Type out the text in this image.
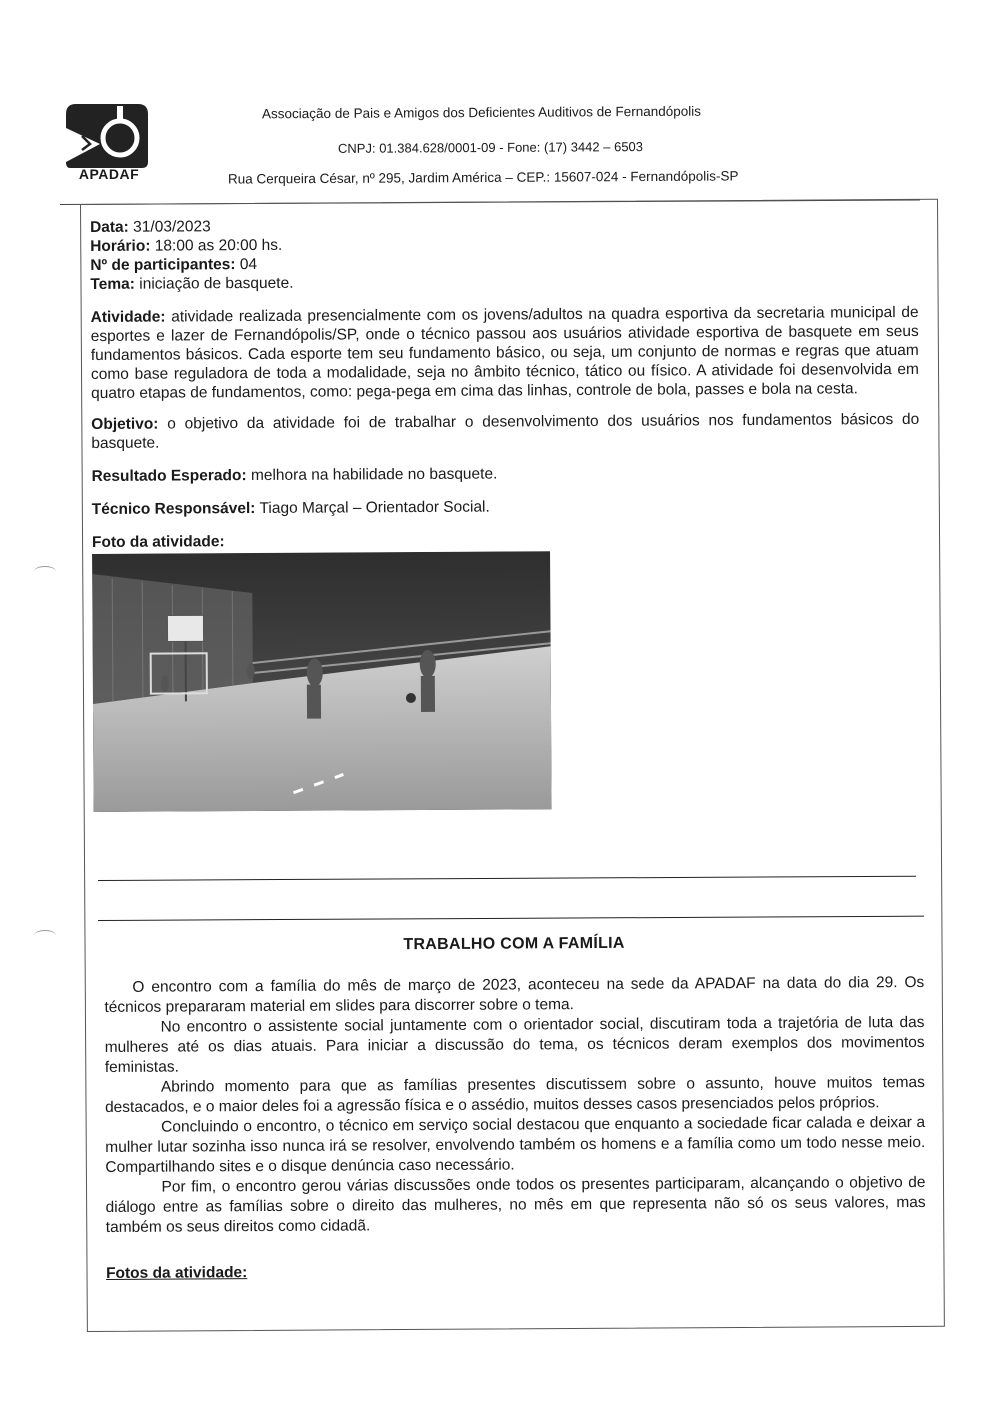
APADAF
Associação de Pais e Amigos dos Deficientes Auditivos de Fernandópolis
CNPJ: 01.384.628/0001-09 - Fone: (17) 3442 – 6503
Rua Cerqueira César, nº 295, Jardim América – CEP.: 15607-024 - Fernandópolis-SP

Data: 31/03/2023

Horário: 18:00 as 20:00 hs.

Nº de participantes: 04

Tema: iniciação de basquete.

Atividade: atividade realizada presencialmente com os jovens/adultos na quadra esportiva da secretaria municipal de esportes e lazer de Fernandópolis/SP, onde o técnico passou aos usuários atividade esportiva de basquete em seus fundamentos básicos. Cada esporte tem seu fundamento básico, ou seja, um conjunto de normas e regras que atuam como base reguladora de toda a modalidade, seja no âmbito técnico, tático ou físico. A atividade foi desenvolvida em quatro etapas de fundamentos, como: pega-pega em cima das linhas, controle de bola, passes e bola na cesta.

Objetivo: o objetivo da atividade foi de trabalhar o desenvolvimento dos usuários nos fundamentos básicos do basquete.

Resultado Esperado: melhora na habilidade no basquete.

Técnico Responsável: Tiago Marçal – Orientador Social.

Foto da atividade:

TRABALHO COM A FAMÍLIA

O encontro com a família do mês de março de 2023, aconteceu na sede da APADAF na data do dia 29. Os técnicos prepararam material em slides para discorrer sobre o tema.

No encontro o assistente social juntamente com o orientador social, discutiram toda a trajetória de luta das mulheres até os dias atuais. Para iniciar a discussão do tema, os técnicos deram exemplos dos movimentos feministas.

Abrindo momento para que as famílias presentes discutissem sobre o assunto, houve muitos temas destacados, e o maior deles foi a agressão física e o assédio, muitos desses casos presenciados pelos próprios.

Concluindo o encontro, o técnico em serviço social destacou que enquanto a sociedade ficar calada e deixar a mulher lutar sozinha isso nunca irá se resolver, envolvendo também os homens e a família como um todo nesse meio. Compartilhando sites e o disque denúncia caso necessário.

Por fim, o encontro gerou várias discussões onde todos os presentes participaram, alcançando o objetivo de diálogo entre as famílias sobre o direito das mulheres, no mês em que representa não só os seus valores, mas também os seus direitos como cidadã.

Fotos da atividade:
